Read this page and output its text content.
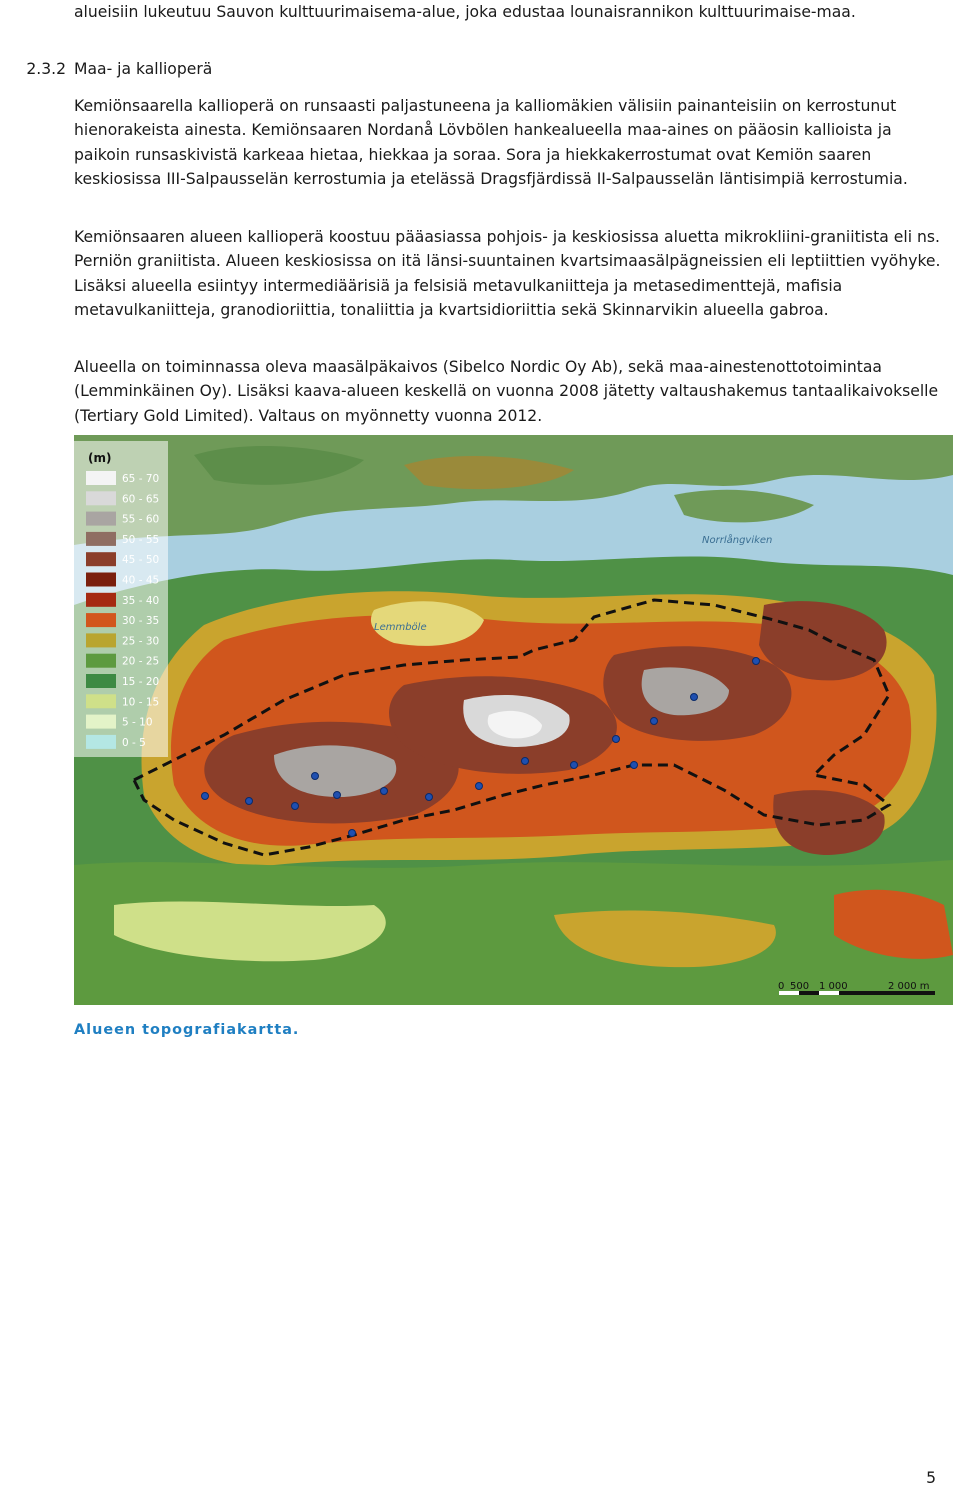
alueisiin lukeutuu Sauvon kulttuurimaisema-alue, joka edustaa lounaisrannikon kulttuurimaise-maa.

2.3.2 Maa- ja kallioperä

Kemiönsaarella kallioperä on runsaasti paljastuneena ja kalliomäkien välisiin painanteisiin on kerrostunut hienorakeista ainesta. Kemiönsaaren Nordanå Lövbölen hankealueella maa-aines on pääosin kallioista ja paikoin runsaskivistä karkeaa hietaa, hiekkaa ja soraa. Sora ja hiekkakerrostumat ovat Kemiön saaren keskiosissa III-Salpausselän kerrostumia ja etelässä Dragsfjärdissä II-Salpausselän läntisimpiä kerrostumia.

Kemiönsaaren alueen kallioperä koostuu pääasiassa pohjois- ja keskiosissa aluetta mikrokliini-graniitista eli ns. Perniön graniitista. Alueen keskiosissa on itä länsi-suuntainen kvartsimaasälpägneissien eli leptiittien vyöhyke. Lisäksi alueella esiintyy intermediäärisiä ja felsisiä metavulkaniitteja ja metasedimenttejä, mafisia metavulkaniitteja, granodioriittia, tonaliittia ja kvartsidioriittia sekä Skinnarvikin alueella gabroa.

Alueella on toiminnassa oleva maasälpäkaivos (Sibelco Nordic Oy Ab), sekä maa-ainestenottotoimintaa (Lemminkäinen Oy). Lisäksi kaava-alueen keskellä on vuonna 2008 jätetty valtaushakemus tantaalikaivokselle (Tertiary Gold Limited). Valtaus on myönnetty vuonna 2012.

Norrlångviken
Lemmböle
(m)
65 - 70
60 - 65
55 - 60
50 - 55
45 - 50
40 - 45
35 - 40
30 - 35
25 - 30
20 - 25
15 - 20
10 - 15
5 - 10
0 - 5
0 500 1 000	2 000 m
Alueen topografiakartta.
5
